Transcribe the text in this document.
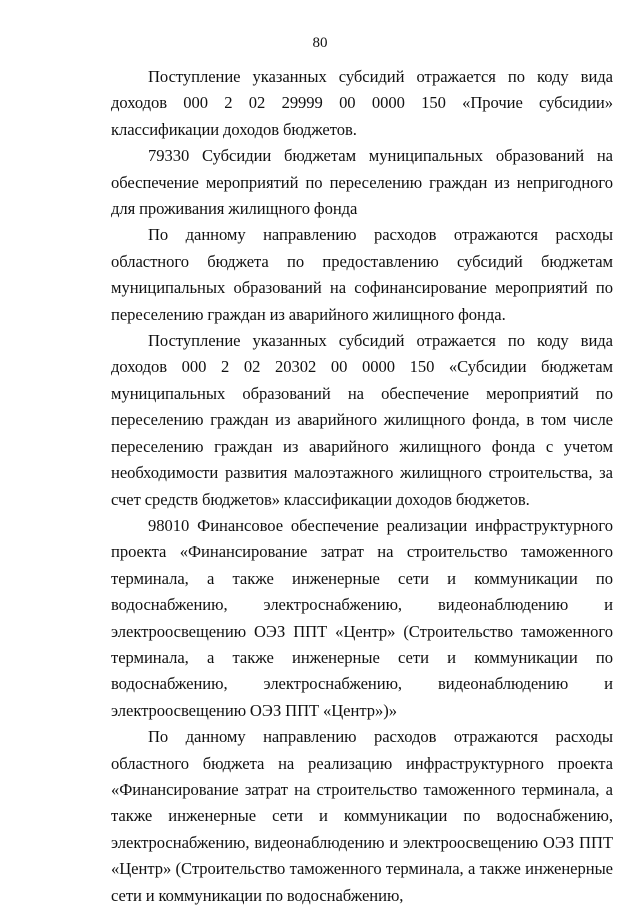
80

Поступление указанных субсидий отражается по коду вида доходов 000 2 02 29999 00 0000 150 «Прочие субсидии» классификации доходов бюджетов.

79330 Субсидии бюджетам муниципальных образований на обеспечение мероприятий по переселению граждан из непригодного для проживания жилищного фонда

По данному направлению расходов отражаются расходы областного бюджета по предоставлению субсидий бюджетам муниципальных образований на софинансирование мероприятий по переселению граждан из аварийного жилищного фонда.

Поступление указанных субсидий отражается по коду вида доходов 000 2 02 20302 00 0000 150 «Субсидии бюджетам муниципальных образований на обеспечение мероприятий по переселению граждан из аварийного жилищного фонда, в том числе переселению граждан из аварийного жилищного фонда с учетом необходимости развития малоэтажного жилищного строительства, за счет средств бюджетов» классификации доходов бюджетов.

98010 Финансовое обеспечение реализации инфраструктурного проекта «Финансирование затрат на строительство таможенного терминала, а также инженерные сети и коммуникации по водоснабжению, электроснабжению, видеонаблюдению и электроосвещению ОЭЗ ППТ «Центр» (Строительство таможенного терминала, а также инженерные сети и коммуникации по водоснабжению, электроснабжению, видеонаблюдению и электроосвещению ОЭЗ ППТ «Центр»)»

По данному направлению расходов отражаются расходы областного бюджета на реализацию инфраструктурного проекта «Финансирование затрат на строительство таможенного терминала, а также инженерные сети и коммуникации по водоснабжению, электроснабжению, видеонаблюдению и электроосвещению ОЭЗ ППТ «Центр» (Строительство таможенного терминала, а также инженерные сети и коммуникации по водоснабжению,
